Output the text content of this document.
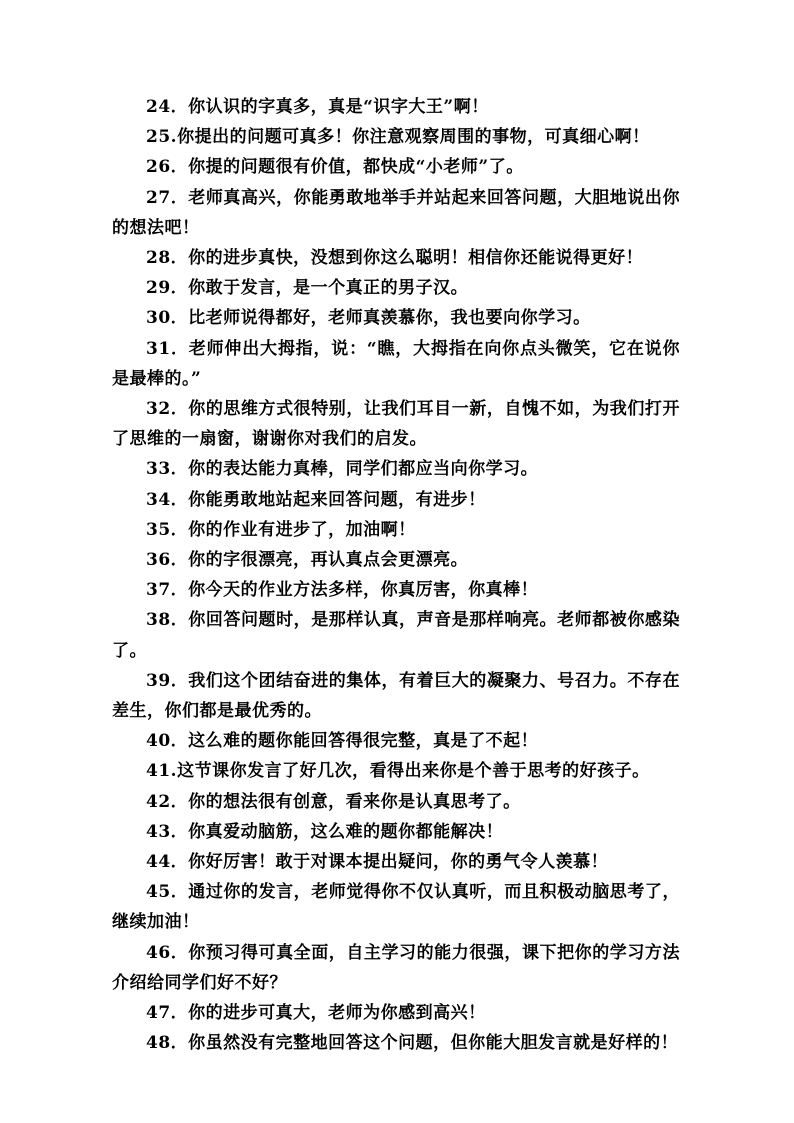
24．你认识的字真多，真是“识字大王”啊！

25.你提出的问题可真多！你注意观察周围的事物，可真细心啊！

26．你提的问题很有价值，都快成“小老师”了。

27．老师真高兴，你能勇敢地举手并站起来回答问题，大胆地说出你的想法吧！

28．你的进步真快，没想到你这么聪明！相信你还能说得更好！

29．你敢于发言，是一个真正的男子汉。

30．比老师说得都好，老师真羡慕你，我也要向你学习。

31．老师伸出大拇指，说：“瞧，大拇指在向你点头微笑，它在说你是最棒的。”

32．你的思维方式很特别，让我们耳目一新，自愧不如，为我们打开了思维的一扇窗，谢谢你对我们的启发。

33．你的表达能力真棒，同学们都应当向你学习。

34．你能勇敢地站起来回答问题，有进步！

35．你的作业有进步了，加油啊！

36．你的字很漂亮，再认真点会更漂亮。

37．你今天的作业方法多样，你真厉害，你真棒！

38．你回答问题时，是那样认真，声音是那样响亮。老师都被你感染了。

39．我们这个团结奋进的集体，有着巨大的凝聚力、号召力。不存在差生，你们都是最优秀的。

40．这么难的题你能回答得很完整，真是了不起！

41.这节课你发言了好几次，看得出来你是个善于思考的好孩子。

42．你的想法很有创意，看来你是认真思考了。

43．你真爱动脑筋，这么难的题你都能解决！

44．你好厉害！敢于对课本提出疑问，你的勇气令人羡慕！

45．通过你的发言，老师觉得你不仅认真听，而且积极动脑思考了，继续加油！

46．你预习得可真全面，自主学习的能力很强，课下把你的学习方法介绍给同学们好不好？

47．你的进步可真大，老师为你感到高兴！

48．你虽然没有完整地回答这个问题，但你能大胆发言就是好样的！
